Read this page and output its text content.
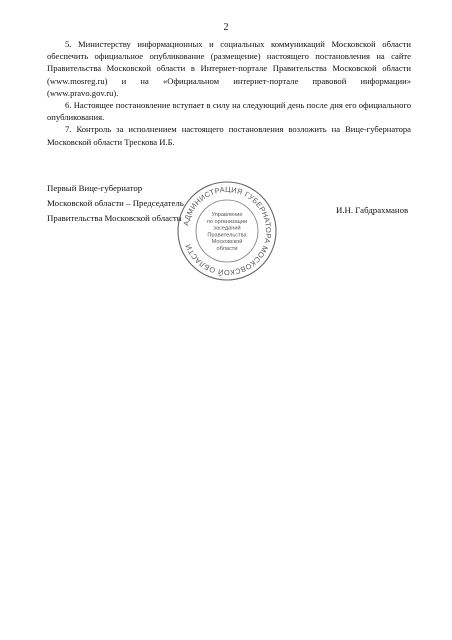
2

5. Министерству информационных и социальных коммуникаций Московской области обеспечить официальное опубликование (размещение) настоящего постановления на сайте Правительства Московской области в Интернет-портале Правительства Московской области (www.mosreg.ru) и на «Официальном интернет-портале правовой информации» (www.pravo.gov.ru).

6. Настоящее постановление вступает в силу на следующий день после дня его официального опубликования.

7. Контроль за исполнением настоящего постановления возложить на Вице-губернатора Московской области Трескова И.Б.

Первый Вице-губернатор
Московской области – Председатель
Правительства Московской области
И.Н. Габдрахманов
АДМИНИСТРАЦИЯ ГУБЕРНАТОРА МОСКОВСКОЙ ОБЛАСТИ
Управление
по организации
заседаний
Правительства
Московской
области
